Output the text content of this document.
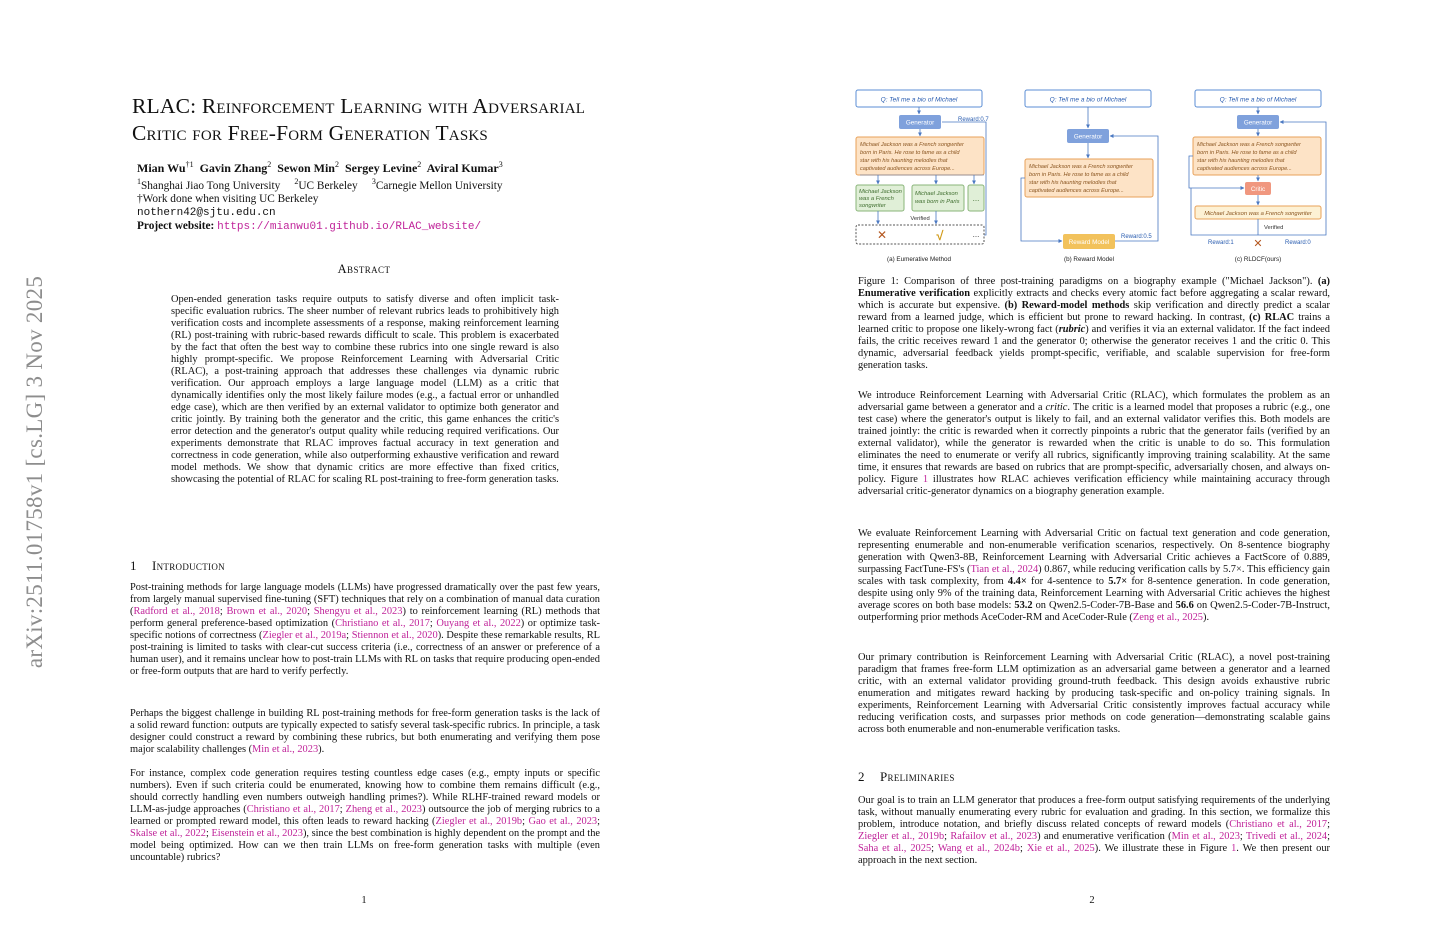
arXiv:2511.01758v1 [cs.LG] 3 Nov 2025
RLAC: Reinforcement Learning with Adversarial Critic for Free-Form Generation Tasks
Mian Wu$^{\dagger 1}$ Gavin Zhang$^2$ Sewon Min$^2$ Sergey Levine$^2$ Aviral Kumar$^3$
$^1$Shanghai Jiao Tong University $^2$UC Berkeley $^3$Carnegie Mellon University
†Work done when visiting UC Berkeley
nothern42@sjtu.edu.cn
Project website: https://mianwu01.github.io/RLAC_website/
Abstract
Open-ended generation tasks require outputs to satisfy diverse and often implicit task-specific evaluation rubrics. The sheer number of relevant rubrics leads to prohibitively high verification costs and incomplete assessments of a response, making reinforcement learning (RL) post-training with rubric-based rewards difficult to scale. This problem is exacerbated by the fact that often the best way to combine these rubrics into one single reward is also highly prompt-specific. We propose Reinforcement Learning with Adversarial Critic (RLAC), a post-training approach that addresses these challenges via dynamic rubric verification. Our approach employs a large language model (LLM) as a critic that dynamically identifies only the most likely failure modes (e.g., a factual error or unhandled edge case), which are then verified by an external validator to optimize both generator and critic jointly. By training both the generator and the critic, this game enhances the critic's error detection and the generator's output quality while reducing required verifications. Our experiments demonstrate that RLAC improves factual accuracy in text generation and correctness in code generation, while also outperforming exhaustive verification and reward model methods. We show that dynamic critics are more effective than fixed critics, showcasing the potential of RLAC for scaling RL post-training to free-form generation tasks.
1 Introduction
Post-training methods for large language models (LLMs) have progressed dramatically over the past few years, from largely manual supervised fine-tuning (SFT) techniques that rely on a combination of manual data curation (Radford et al., 2018; Brown et al., 2020; Shengyu et al., 2023) to reinforcement learning (RL) methods that perform general preference-based optimization (Christiano et al., 2017; Ouyang et al., 2022) or optimize task-specific notions of correctness (Ziegler et al., 2019a; Stiennon et al., 2020). Despite these remarkable results, RL post-training is limited to tasks with clear-cut success criteria (i.e., correctness of an answer or preference of a human user), and it remains unclear how to post-train LLMs with RL on tasks that require producing open-ended or free-form outputs that are hard to verify perfectly.
Perhaps the biggest challenge in building RL post-training methods for free-form generation tasks is the lack of a solid reward function: outputs are typically expected to satisfy several task-specific rubrics. In principle, a task designer could construct a reward by combining these rubrics, but both enumerating and verifying them pose major scalability challenges (Min et al., 2023).
For instance, complex code generation requires testing countless edge cases (e.g., empty inputs or specific numbers). Even if such criteria could be enumerated, knowing how to combine them remains difficult (e.g., should correctly handling even numbers outweigh handling primes?). While RLHF-trained reward models or LLM-as-judge approaches (Christiano et al., 2017; Zheng et al., 2023) outsource the job of merging rubrics to a learned or prompted reward model, this often leads to reward hacking (Ziegler et al., 2019b; Gao et al., 2023; Skalse et al., 2022; Eisenstein et al., 2023), since the best combination is highly dependent on the prompt and the model being optimized. How can we then train LLMs on free-form generation tasks with multiple (even uncountable) rubrics?
1	2
Q: Tell me a bio of Michael
Generator	Reward:0.7
Michael Jackson was a French songwriter born in Paris. He rose to fame as a child star with his haunting melodies that captivated audiences across Europe...
Michael Jackson was a French songwriter
Michael Jackson was born in Paris ...
Verified
✕	√	...
(a) Eumerative Method
Q: Tell me a bio of Michael
Generator
Michael Jackson was a French songwriter born in Paris. He rose to fame as a child star with his haunting melodies that captivated audiences across Europe...
Reward Model
Reward:0.5
(b) Reward Model
Q: Tell me a bio of Michael
Generator
Michael Jackson was a French songwriter born in Paris. He rose to fame as a child star with his haunting melodies that captivated audiences across Europe...
Critic
Michael Jackson was a French songwriter
Verified
Reward:1	Reward:0
✕
(c) RLDCF(ours)
Figure 1: Comparison of three post-training paradigms on a biography example ("Michael Jackson"). (a) Enumerative verification explicitly extracts and checks every atomic fact before aggregating a scalar reward, which is accurate but expensive. (b) Reward-model methods skip verification and directly predict a scalar reward from a learned judge, which is efficient but prone to reward hacking. In contrast, (c) RLAC trains a learned critic to propose one likely-wrong fact (rubric) and verifies it via an external validator. If the fact indeed fails, the critic receives reward 1 and the generator 0; otherwise the generator receives 1 and the critic 0. This dynamic, adversarial feedback yields prompt-specific, verifiable, and scalable supervision for free-form generation tasks.
We introduce Reinforcement Learning with Adversarial Critic (RLAC), which formulates the problem as an adversarial game between a generator and a critic. The critic is a learned model that proposes a rubric (e.g., one test case) where the generator's output is likely to fail, and an external validator verifies this. Both models are trained jointly: the critic is rewarded when it correctly pinpoints a rubric that the generator fails (verified by an external validator), while the generator is rewarded when the critic is unable to do so. This formulation eliminates the need to enumerate or verify all rubrics, significantly improving training scalability. At the same time, it ensures that rewards are based on rubrics that are prompt-specific, adversarially chosen, and always on-policy. Figure 1 illustrates how RLAC achieves verification efficiency while maintaining accuracy through adversarial critic-generator dynamics on a biography generation example.
We evaluate Reinforcement Learning with Adversarial Critic on factual text generation and code generation, representing enumerable and non-enumerable verification scenarios, respectively. On 8-sentence biography generation with Qwen3-8B, Reinforcement Learning with Adversarial Critic achieves a FactScore of 0.889, surpassing FactTune-FS's (Tian et al., 2024) 0.867, while reducing verification calls by 5.7×. This efficiency gain scales with task complexity, from 4.4× for 4-sentence to 5.7× for 8-sentence generation. In code generation, despite using only 9% of the training data, Reinforcement Learning with Adversarial Critic achieves the highest average scores on both base models: 53.2 on Qwen2.5-Coder-7B-Base and 56.6 on Qwen2.5-Coder-7B-Instruct, outperforming prior methods AceCoder-RM and AceCoder-Rule (Zeng et al., 2025).
Our primary contribution is Reinforcement Learning with Adversarial Critic (RLAC), a novel post-training paradigm that frames free-form LLM optimization as an adversarial game between a generator and a learned critic, with an external validator providing ground-truth feedback. This design avoids exhaustive rubric enumeration and mitigates reward hacking by producing task-specific and on-policy training signals. In experiments, Reinforcement Learning with Adversarial Critic consistently improves factual accuracy while reducing verification costs, and surpasses prior methods on code generation—demonstrating scalable gains across both enumerable and non-enumerable verification tasks.
2 Preliminaries
Our goal is to train an LLM generator that produces a free-form output satisfying requirements of the underlying task, without manually enumerating every rubric for evaluation and grading. In this section, we formalize this problem, introduce notation, and briefly discuss related concepts of reward models (Christiano et al., 2017; Ziegler et al., 2019b; Rafailov et al., 2023) and enumerative verification (Min et al., 2023; Trivedi et al., 2024; Saha et al., 2025; Wang et al., 2024b; Xie et al., 2025). We illustrate these in Figure 1. We then present our approach in the next section.
